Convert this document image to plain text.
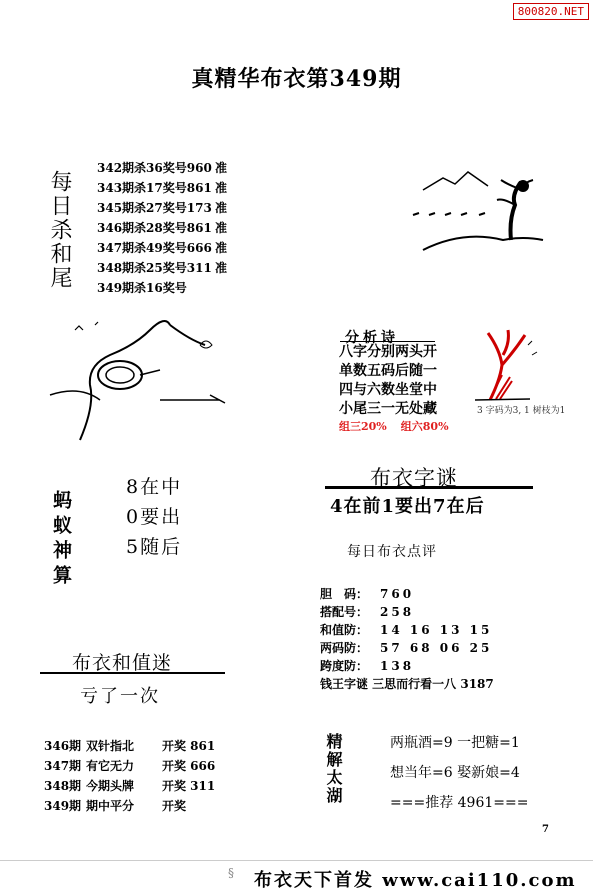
800820.NET
真精华布衣第349期
每日杀和尾
342期杀36奖号960 准
343期杀17奖号861 准
345期杀27奖号173 准
346期杀28奖号861 准
347期杀49奖号666 准
348期杀25奖号311 准
349期杀16奖号
分析诗
八字分别两头开
单数五码后随一
四与六数坐堂中
小尾三一无处藏
组三20% 组六80%
3 字码为3, 1 树枝为1
蚂蚁神算
8在中
0要出
5随后
布衣字谜
4在前1要出7在后
每日布衣点评
胆　码： 760
搭配号： 258
和值防： 14 16 13 15
两码防： 57 68 06 25
跨度防： 138
钱王字谜 三思而行看一八 3187
布衣和值迷
亏了一次
346期 双针指北	开奖 861
347期 有它无力	开奖 666
348期 今期头牌	开奖 311
349期 期中平分	开奖
精解太湖	两瓶酒=9 一把糖=1
想当年=6 娶新娘=4
===推荐 4961===
7
§ 布衣天下首发 www.cai110.com
